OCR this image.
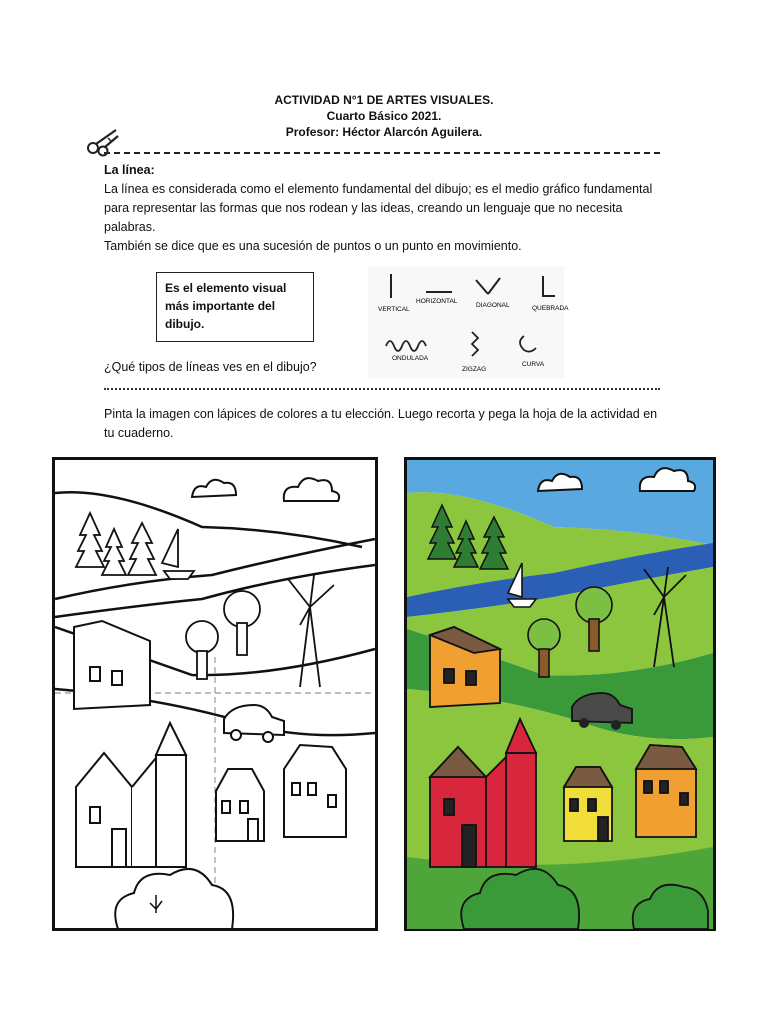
ACTIVIDAD N°1 DE ARTES VISUALES.
Cuarto Básico 2021.
Profesor: Héctor Alarcón Aguilera.

La línea:

La línea es considerada como el elemento fundamental del dibujo; es el medio gráfico fundamental para representar las formas que nos rodean y las ideas, creando un lenguaje que no necesita palabras.

También se dice que es una sucesión de puntos o un punto en movimiento.

Es el elemento visual más importante del dibujo.
VERTICAL
HORIZONTAL
DIAGONAL	QUEBRADA
ONDULADA
ZIGZAG
CURVA
¿Qué tipos de líneas ves en el dibujo?
Pinta la imagen con lápices de colores a tu elección. Luego recorta y pega la hoja de la actividad en tu cuaderno.
